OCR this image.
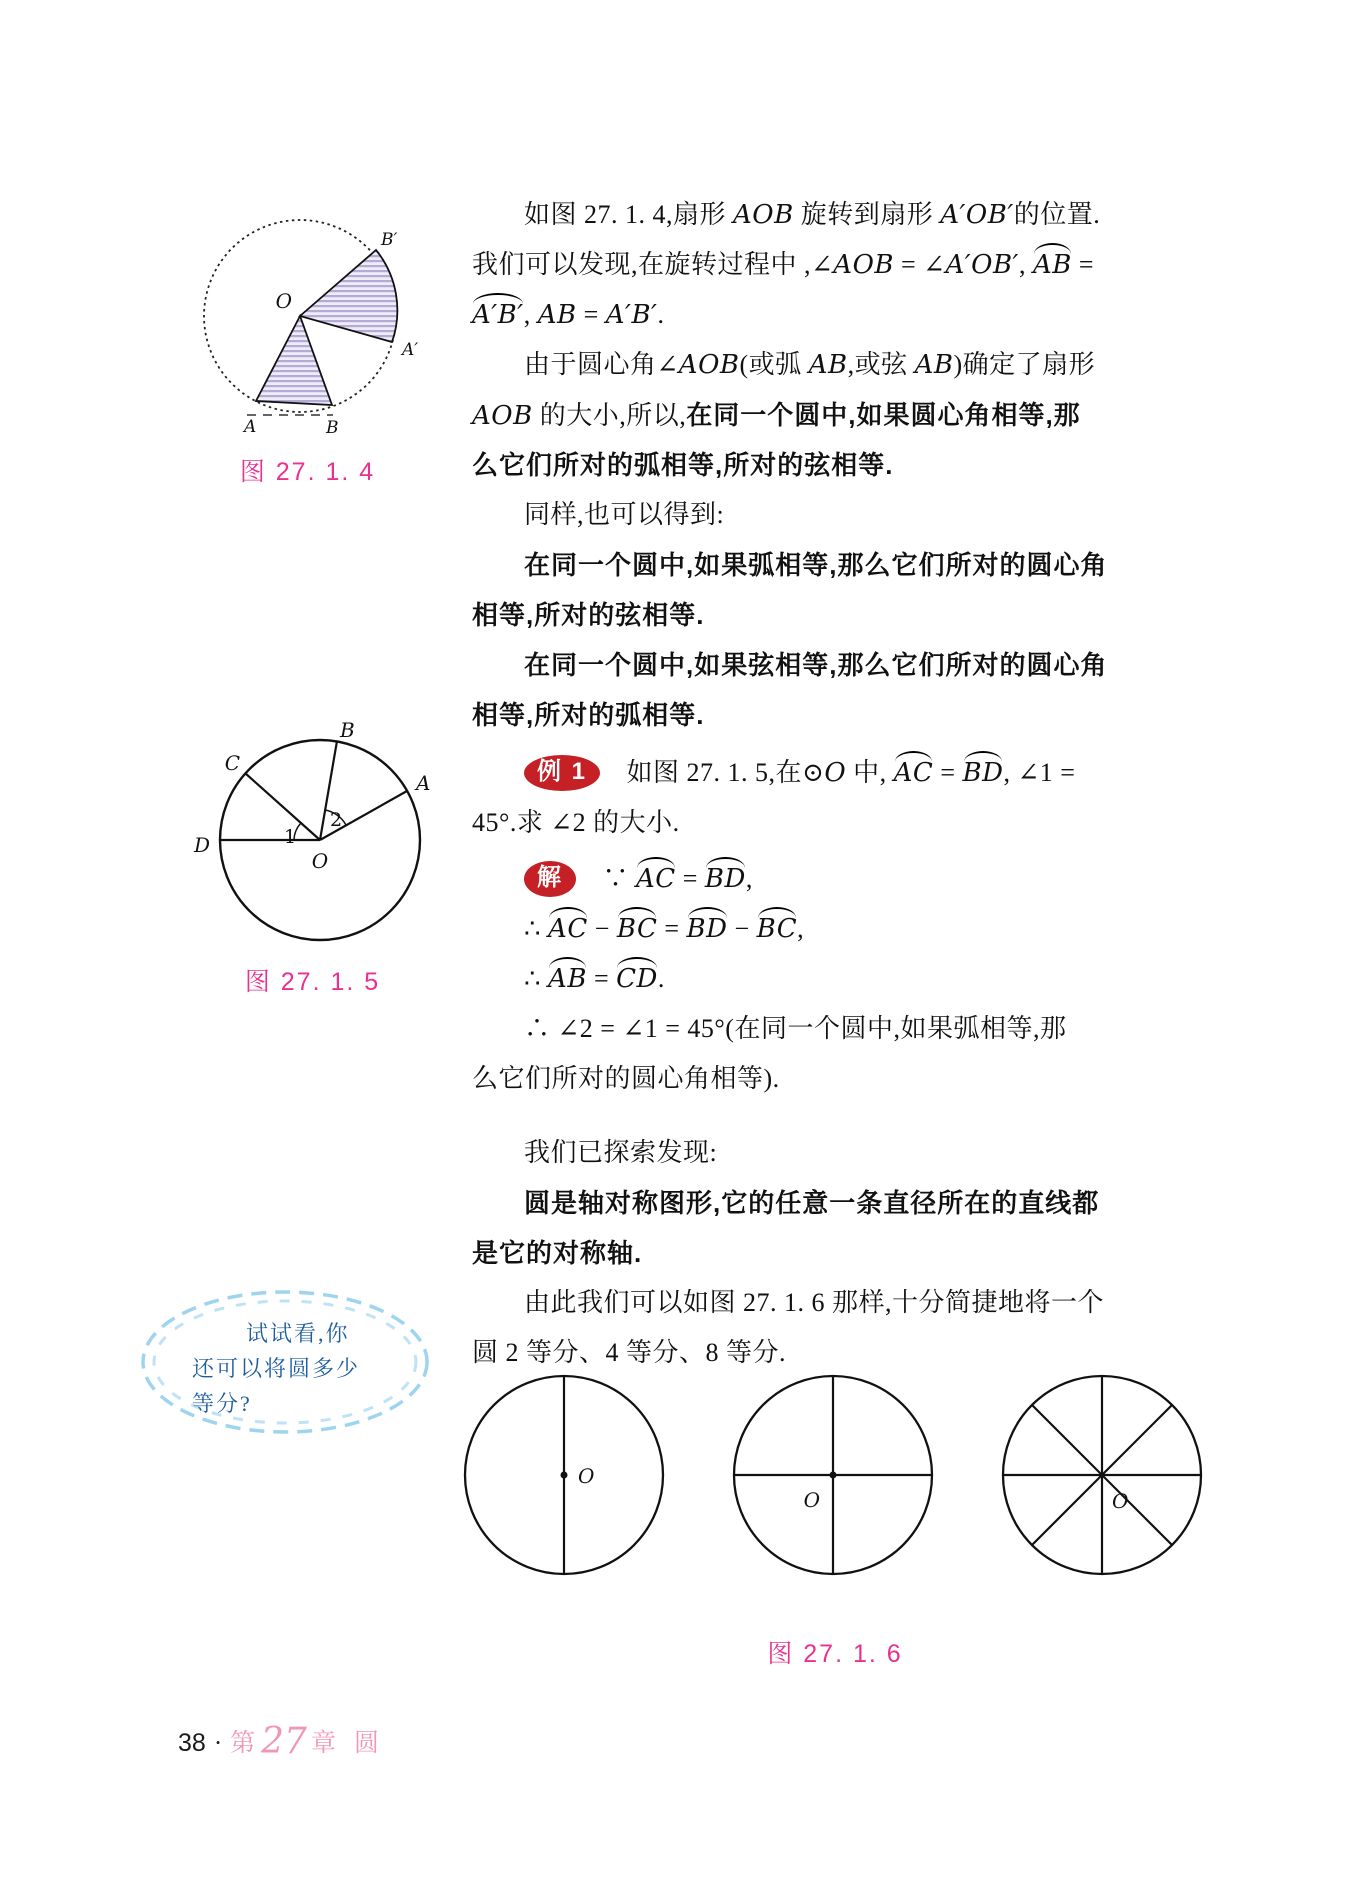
O
A	B
A′
B′
图 27. 1. 4
B
C
A
D
O
1
2
图 27. 1. 5
试试看,你
还可以将圆多少
等分?
如图 27. 1. 4,扇形 AOB 旋转到扇形 A′OB′的位置.
我们可以发现,在旋转过程中 ,∠AOB = ∠A′OB′, AB =
A′B′, AB = A′B′.
由于圆心角∠AOB(或弧 AB,或弦 AB)确定了扇形
AOB 的大小,所以,在同一个圆中,如果圆心角相等,那
么它们所对的弧相等,所对的弦相等.
同样,也可以得到:
在同一个圆中,如果弧相等,那么它们所对的圆心角
相等,所对的弦相等.
在同一个圆中,如果弦相等,那么它们所对的圆心角
相等,所对的弧相等.
例 1　如图 27. 1. 5,在⊙O 中, AC = BD, ∠1 =
45°.求 ∠2 的大小.
解　∵ AC = BD,
∴ AC − BC = BD − BC,
∴ AB = CD.
∴ ∠2 = ∠1 = 45°(在同一个圆中,如果弧相等,那
么它们所对的圆心角相等).
我们已探索发现:
圆是轴对称图形,它的任意一条直径所在的直线都
是它的对称轴.
由此我们可以如图 27. 1. 6 那样,十分简捷地将一个
圆 2 等分、4 等分、8 等分.
O
O	O
图 27. 1. 6
38 · 第 27 章 圆
